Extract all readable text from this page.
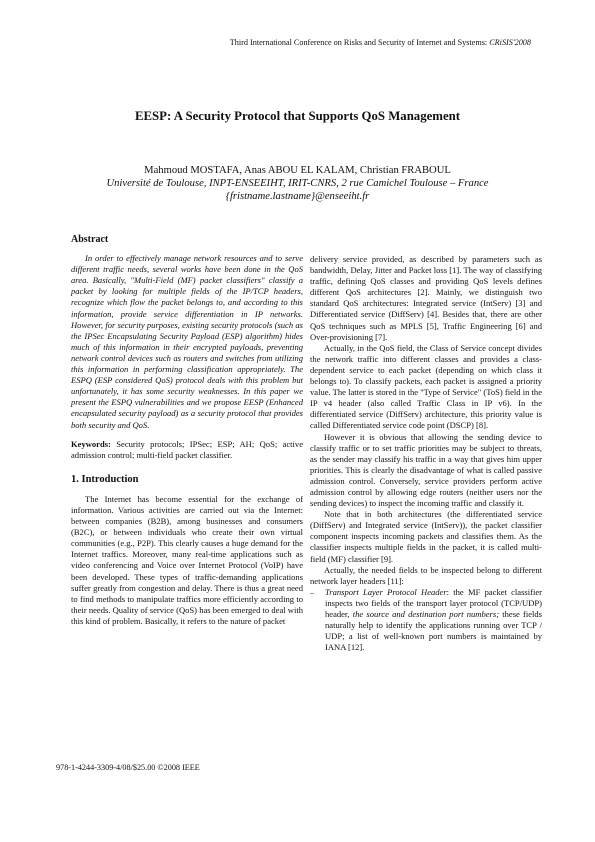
Third International Conference on Risks and Security of Internet and Systems: CRiSIS'2008
EESP: A Security Protocol that Supports QoS Management
Mahmoud MOSTAFA, Anas ABOU EL KALAM, Christian FRABOUL
Université de Toulouse, INPT-ENSEEIHT, IRIT-CNRS, 2 rue Camichel Toulouse – France
{fristname.lastname}@enseeiht.fr

Abstract

In order to effectively manage network resources and to serve different traffic needs, several works have been done in the QoS area. Basically, "Multi-Field (MF) packet classifiers" classify a packet by looking for multiple fields of the IP/TCP headers, recognize which flow the packet belongs to, and according to this information, provide service differentiation in IP networks. However, for security purposes, existing security protocols (such as the IPSec Encapsulating Security Payload (ESP) algorithm) hides much of this information in their encrypted payloads, preventing network control devices such as routers and switches from utilizing this information in performing classification appropriately. The ESPQ (ESP considered QoS) protocol deals with this problem but unfortunately, it has some security weaknesses. In this paper we present the ESPQ vulnerabilities and we propose EESP (Enhanced encapsulated security payload) as a security protocol that provides both security and QoS.

Keywords: Security protocols; IPSec; ESP; AH; QoS; active admission control; multi-field packet classifier.

1. Introduction

The Internet has become essential for the exchange of information. Various activities are carried out via the Internet: between companies (B2B), among businesses and consumers (B2C), or between individuals who create their own virtual communities (e.g., P2P). This clearly causes a huge demand for the Internet traffics. Moreover, many real-time applications such as video conferencing and Voice over Internet Protocol (VoIP) have been developed. These types of traffic-demanding applications suffer greatly from congestion and delay. There is thus a great need to find methods to manipulate traffics more efficiently according to their needs. Quality of service (QoS) has been emerged to deal with this kind of problem. Basically, it refers to the nature of packet

delivery service provided, as described by parameters such as bandwidth, Delay, Jitter and Packet loss [1]. The way of classifying traffic, defining QoS classes and providing QoS levels defines different QoS architectures [2]. Mainly, we distinguish two standard QoS architectures: Integrated service (IntServ) [3] and Differentiated service (DiffServ) [4]. Besides that, there are other QoS techniques such as MPLS [5], Traffic Engineering [6] and Over-provisioning [7].

Actually, in the QoS field, the Class of Service concept divides the network traffic into different classes and provides a class-dependent service to each packet (depending on which class it belongs to). To classify packets, each packet is assigned a priority value. The latter is stored in the "Type of Service" (ToS) field in the IP v4 header (also called Traffic Class in IP v6). In the differentiated service (DiffServ) architecture, this priority value is called Differentiated service code point (DSCP) [8].

However it is obvious that allowing the sending device to classify traffic or to set traffic priorities may be subject to threats, as the sender may classify his traffic in a way that gives him upper priorities. This is clearly the disadvantage of what is called passive admission control. Conversely, service providers perform active admission control by allowing edge routers (neither users nor the sending devices) to inspect the incoming traffic and classify it.

Note that in both architectures (the differentiated service (DiffServ) and Integrated service (IntServ)), the packet classifier component inspects incoming packets and classifies them. As the classifier inspects multiple fields in the packet, it is called multi-field (MF) classifier [9].

Actually, the needed fields to be inspected belong to different network layer headers [11]:

– Transport Layer Protocol Header: the MF packet classifier inspects two fields of the transport layer protocol (TCP/UDP) header, the source and destination port numbers; these fields naturally help to identify the applications running over TCP / UDP; a list of well-known port numbers is maintained by IANA [12].

978-1-4244-3309-4/08/$25.00 ©2008 IEEE
